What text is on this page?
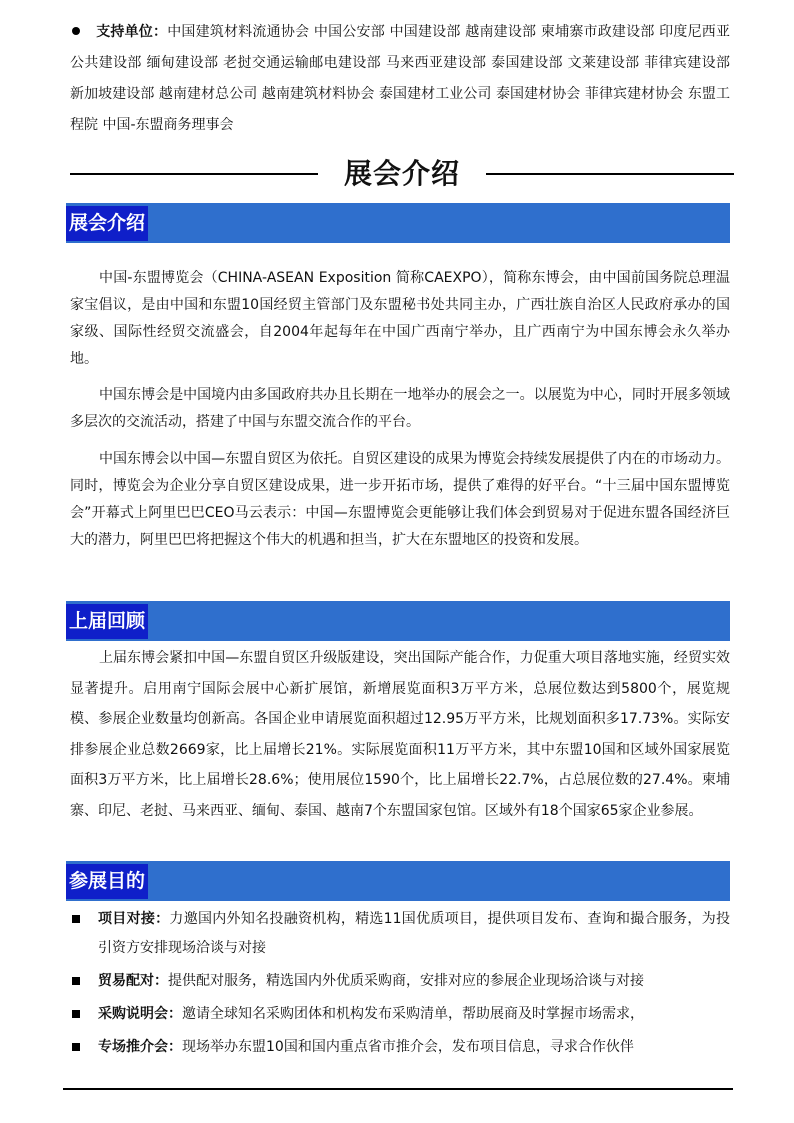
支持单位：中国建筑材料流通协会 中国公安部 中国建设部 越南建设部 柬埔寨市政建设部 印度尼西亚公共建设部 缅甸建设部 老挝交通运输邮电建设部 马来西亚建设部 泰国建设部 文莱建设部 菲律宾建设部 新加坡建设部 越南建材总公司 越南建筑材料协会 泰国建材工业公司 泰国建材协会 菲律宾建材协会 东盟工程院 中国-东盟商务理事会
展会介绍
展会介绍
中国-东盟博览会（CHINA-ASEAN Exposition 简称CAEXPO），简称东博会，由中国前国务院总理温家宝倡议，是由中国和东盟10国经贸主管部门及东盟秘书处共同主办，广西壮族自治区人民政府承办的国家级、国际性经贸交流盛会，自2004年起每年在中国广西南宁举办，且广西南宁为中国东博会永久举办地。
中国东博会是中国境内由多国政府共办且长期在一地举办的展会之一。以展览为中心，同时开展多领域多层次的交流活动，搭建了中国与东盟交流合作的平台。
中国东博会以中国—东盟自贸区为依托。自贸区建设的成果为博览会持续发展提供了内在的市场动力。同时，博览会为企业分享自贸区建设成果，进一步开拓市场，提供了难得的好平台。“十三届中国东盟博览会”开幕式上阿里巴巴CEO马云表示：中国—东盟博览会更能够让我们体会到贸易对于促进东盟各国经济巨大的潜力，阿里巴巴将把握这个伟大的机遇和担当，扩大在东盟地区的投资和发展。
上届回顾
上届东博会紧扣中国—东盟自贸区升级版建设，突出国际产能合作，力促重大项目落地实施，经贸实效显著提升。启用南宁国际会展中心新扩展馆，新增展览面积3万平方米，总展位数达到5800个，展览规模、参展企业数量均创新高。各国企业申请展览面积超过12.95万平方米，比规划面积多17.73%。实际安排参展企业总数2669家，比上届增长21%。实际展览面积11万平方米，其中东盟10国和区域外国家展览面积3万平方米，比上届增长28.6%；使用展位1590个，比上届增长22.7%，占总展位数的27.4%。柬埔寨、印尼、老挝、马来西亚、缅甸、泰国、越南7个东盟国家包馆。区域外有18个国家65家企业参展。
参展目的
项目对接：力邀国内外知名投融资机构，精选11国优质项目，提供项目发布、查询和撮合服务，为投引资方安排现场洽谈与对接
贸易配对：提供配对服务，精选国内外优质采购商，安排对应的参展企业现场洽谈与对接
采购说明会：邀请全球知名采购团体和机构发布采购清单，帮助展商及时掌握市场需求，
专场推介会：现场举办东盟10国和国内重点省市推介会，发布项目信息，寻求合作伙伴
